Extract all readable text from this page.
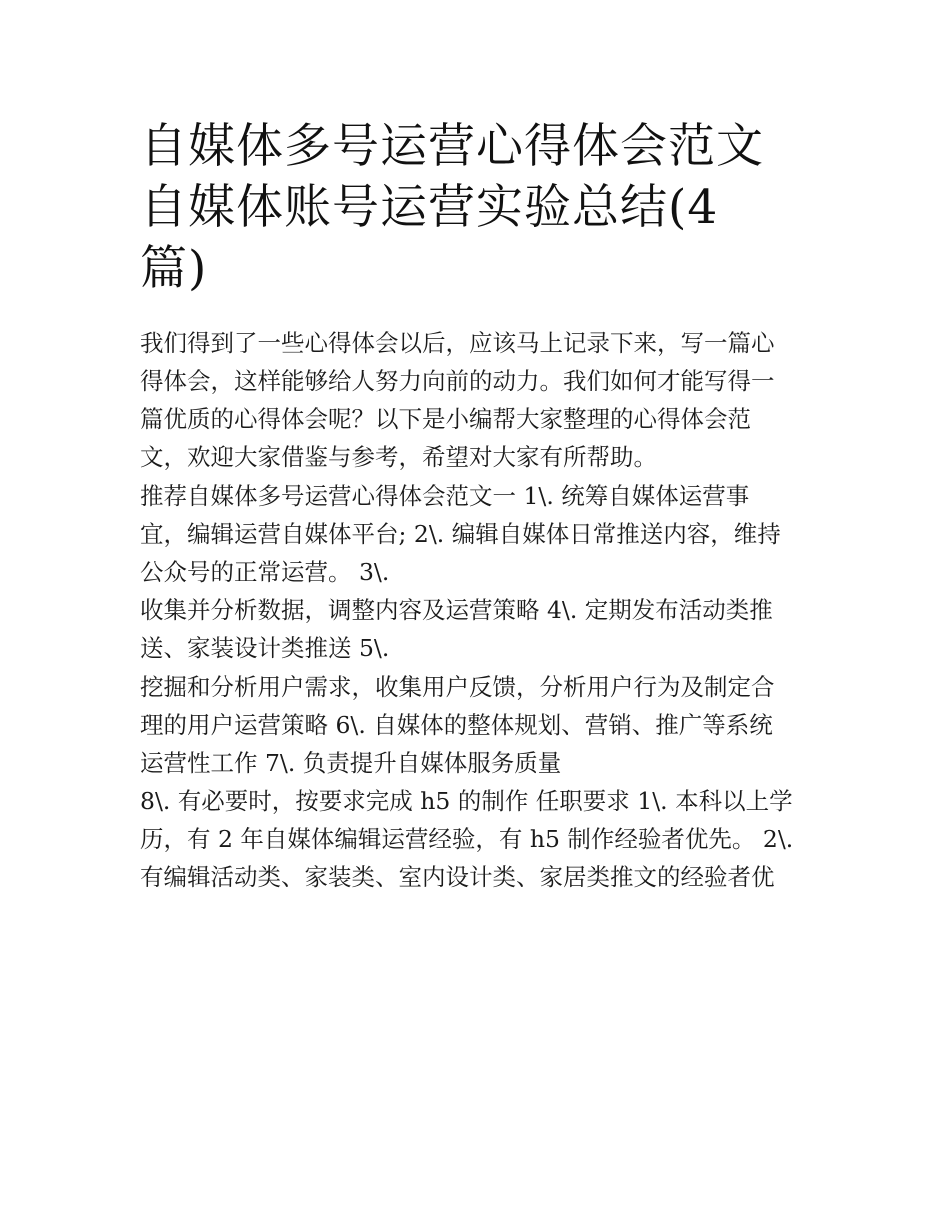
自媒体多号运营心得体会范文
自媒体账号运营实验总结(4
篇)

我们得到了一些心得体会以后，应该马上记录下来，写一篇心
得体会，这样能够给人努力向前的动力。我们如何才能写得一
篇优质的心得体会呢？以下是小编帮大家整理的心得体会范
文，欢迎大家借鉴与参考，希望对大家有所帮助。

推荐自媒体多号运营心得体会范文一 1\. 统筹自媒体运营事
宜，编辑运营自媒体平台; 2\. 编辑自媒体日常推送内容，维持
公众号的正常运营。 3\.

收集并分析数据，调整内容及运营策略 4\. 定期发布活动类推
送、家装设计类推送 5\.

挖掘和分析用户需求，收集用户反馈，分析用户行为及制定合
理的用户运营策略 6\. 自媒体的整体规划、营销、推广等系统
运营性工作 7\. 负责提升自媒体服务质量

8\. 有必要时，按要求完成 h5 的制作 任职要求 1\. 本科以上学
历，有 2 年自媒体编辑运营经验，有 h5 制作经验者优先。 2\.
有编辑活动类、家装类、室内设计类、家居类推文的经验者优
